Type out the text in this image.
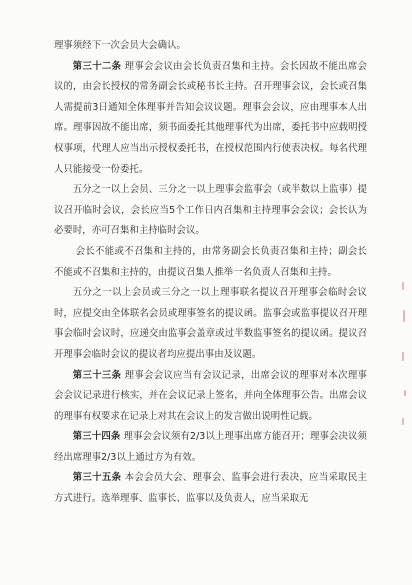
理事须经下一次会员大会确认。

第三十二条 理事会会议由会长负责召集和主持。会长因故不能出席会议的，由会长授权的常务副会长或秘书长主持。召开理事会议，会长或召集人需提前3日通知全体理事并告知会议议题。理事会会议，应由理事本人出席。理事因故不能出席，须书面委托其他理事代为出席，委托书中应载明授权事项，代理人应当出示授权委托书，在授权范围内行使表决权。每名代理人只能接受一份委托。

五分之一以上会员、三分之一以上理事会监事会（或半数以上监事）提议召开临时会议，会长应当5个工作日内召集和主持理事会会议；会长认为必要时，亦可召集和主持临时会议。

会长不能或不召集和主持的，由常务副会长负责召集和主持；副会长不能或不召集和主持的，由提议召集人推举一名负责人召集和主持。

五分之一以上会员或三分之一以上理事联名提议召开理事会临时会议时，应提交由全体联名会员或理事签名的提议函。监事会或监事提议召开理事会临时会议时，应递交由监事会盖章或过半数监事签名的提议函。提议召开理事会临时会议的提议者均应提出事由及议题。

第三十三条 理事会会议应当有会议记录，出席会议的理事对本次理事会会议记录进行核实，并在会议记录上签名，并向全体理事公告。出席会议的理事有权要求在记录上对其在会议上的发言做出说明性记载。

第三十四条 理事会会议须有2/3以上理事出席方能召开；理事会决议须经出席理事2/3以上通过方为有效。

第三十五条 本会会员大会、理事会、监事会进行表决，应当采取民主方式进行。选举理事、监事长、监事以及负责人，应当采取无
